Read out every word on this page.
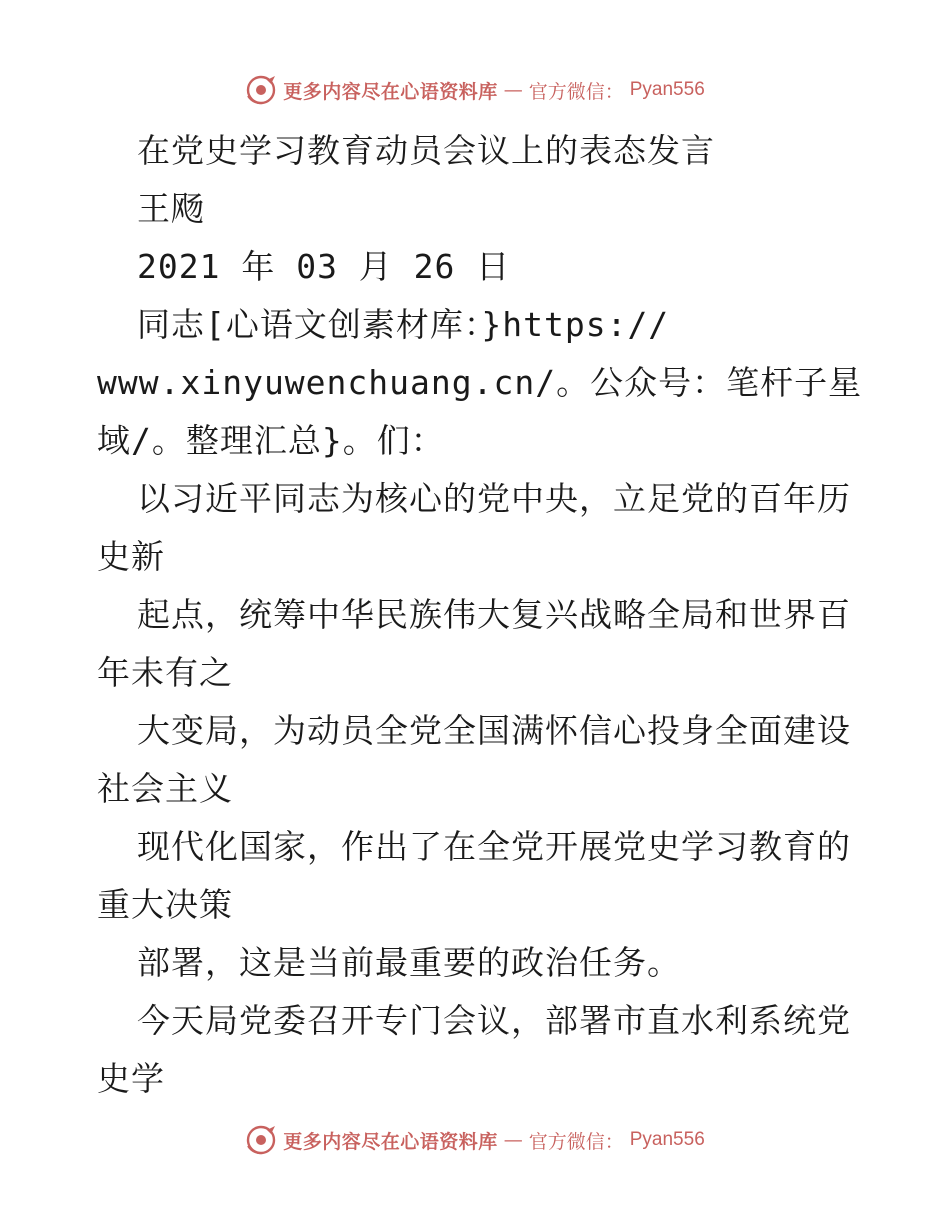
更多内容尽在心语资料库 — 官方微信： Pyan556
在党史学习教育动员会议上的表态发言
王飏
2021 年 03 月 26 日
同志[心语文创素材库：}https://
www.xinyuwenchuang.cn/。公众号：笔杆子星
域/。整理汇总}。们：
以习近平同志为核心的党中央，立足党的百年历
史新
起点，统筹中华民族伟大复兴战略全局和世界百
年未有之
大变局，为动员全党全国满怀信心投身全面建设
社会主义
现代化国家，作出了在全党开展党史学习教育的
重大决策
部署，这是当前最重要的政治任务。
今天局党委召开专门会议，部署市直水利系统党
史学
更多内容尽在心语资料库 — 官方微信： Pyan556
